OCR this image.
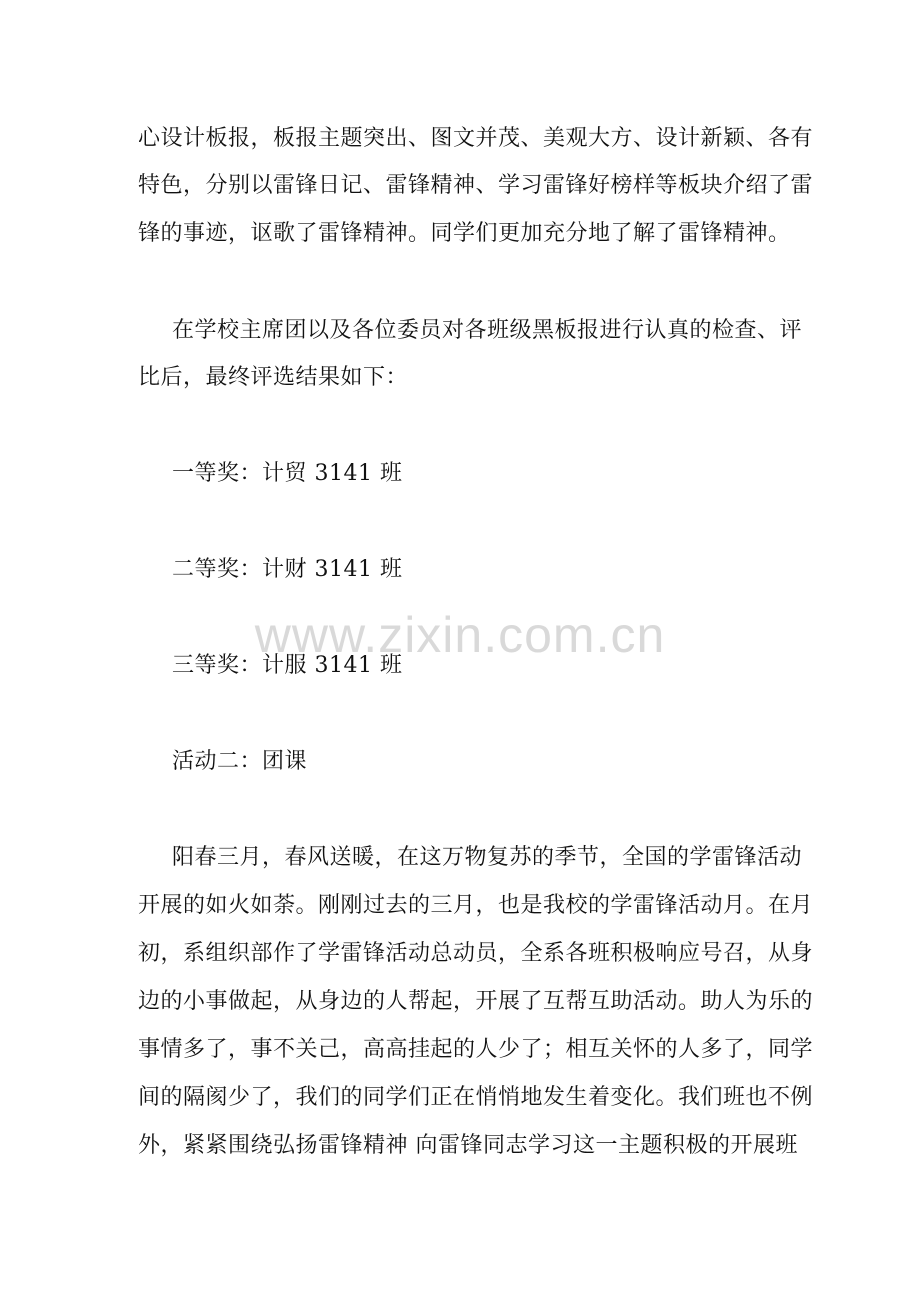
心设计板报，板报主题突出、图文并茂、美观大方、设计新颖、各有
特色，分别以雷锋日记、雷锋精神、学习雷锋好榜样等板块介绍了雷
锋的事迹，讴歌了雷锋精神。同学们更加充分地了解了雷锋精神。
在学校主席团以及各位委员对各班级黑板报进行认真的检查、评
比后，最终评选结果如下：
一等奖：计贸 3141 班
二等奖：计财 3141 班
三等奖：计服 3141 班
活动二：团课
阳春三月，春风送暖，在这万物复苏的季节，全国的学雷锋活动
开展的如火如荼。刚刚过去的三月，也是我校的学雷锋活动月。在月
初，系组织部作了学雷锋活动总动员，全系各班积极响应号召，从身
边的小事做起，从身边的人帮起，开展了互帮互助活动。助人为乐的
事情多了，事不关己，高高挂起的人少了；相互关怀的人多了，同学
间的隔阂少了，我们的同学们正在悄悄地发生着变化。我们班也不例
外，紧紧围绕弘扬雷锋精神 向雷锋同志学习这一主题积极的开展班
www.zixin.com.cn
